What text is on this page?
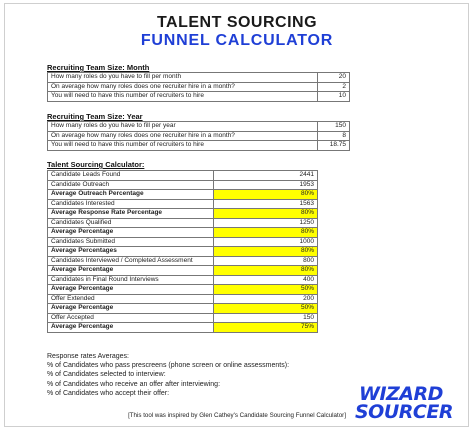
TALENT SOURCING
FUNNEL CALCULATOR
Recruiting Team Size: Month
How many roles do you have to fill per month	20
On average how many roles does one recruiter hire in a month?	2
You will need to have this number of recruiters to hire	10
Recruiting Team Size: Year
How many roles do you have to fill per year	150
On average how many roles does one recruiter hire in a month?	8
You will need to have this number of recruiters to hire	18.75
Talent Sourcing Calculator:
Candidate Leads Found	2441
Candidate Outreach	1953
Average Outreach Percentage	80%
Candidates Interested	1563
Average Response Rate Percentage	80%
Candidates Qualified	1250
Average Percentage	80%
Candidates Submitted	1000
Average Percentages	80%
Candidates Interviewed / Completed Assessment	800
Average Percentage	80%
Candidates in Final Round Interviews	400
Average Percentage	50%
Offer Extended	200
Average Percentage	50%
Offer Accepted	150
Average Percentage	75%
Response rates Averages:
% of Candidates who pass prescreens (phone screen or online assessments):
% of Candidates selected to interview:
% of Candidates who receive an offer after interviewing:
% of Candidates who accept their offer:
[This tool was inspired by Glen Cathey's Candidate Sourcing Funnel Calculator]
WIZARD
SOURCER
